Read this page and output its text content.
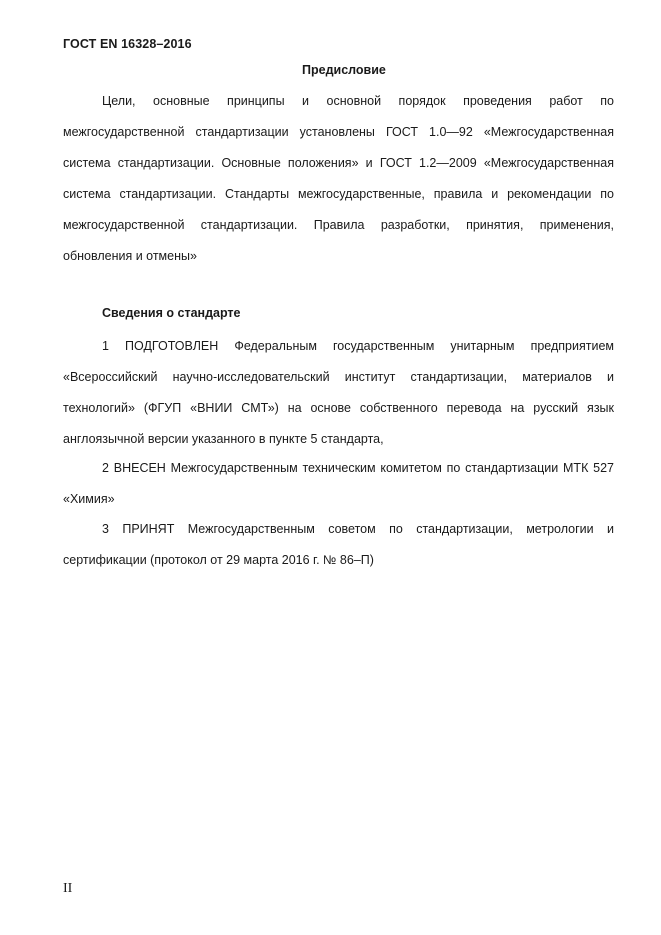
ГОСТ EN 16328–2016
Предисловие
Цели, основные принципы и основной порядок проведения работ по межгосударственной стандартизации установлены ГОСТ 1.0—92 «Межгосударственная система стандартизации. Основные положения» и ГОСТ 1.2—2009 «Межгосударственная система стандартизации. Стандарты межгосударственные, правила и рекомендации по межгосударственной стандартизации. Правила разработки, принятия, применения, обновления и отмены»
Сведения о стандарте
1 ПОДГОТОВЛЕН Федеральным государственным унитарным предприятием «Всероссийский научно-исследовательский институт стандартизации, материалов и технологий» (ФГУП «ВНИИ СМТ») на основе собственного перевода на русский язык англоязычной версии указанного в пункте 5 стандарта,
2 ВНЕСЕН Межгосударственным техническим комитетом по стандартизации МТК 527 «Химия»
3 ПРИНЯТ Межгосударственным советом по стандартизации, метрологии и сертификации (протокол от 29 марта 2016 г. № 86–П)
II
